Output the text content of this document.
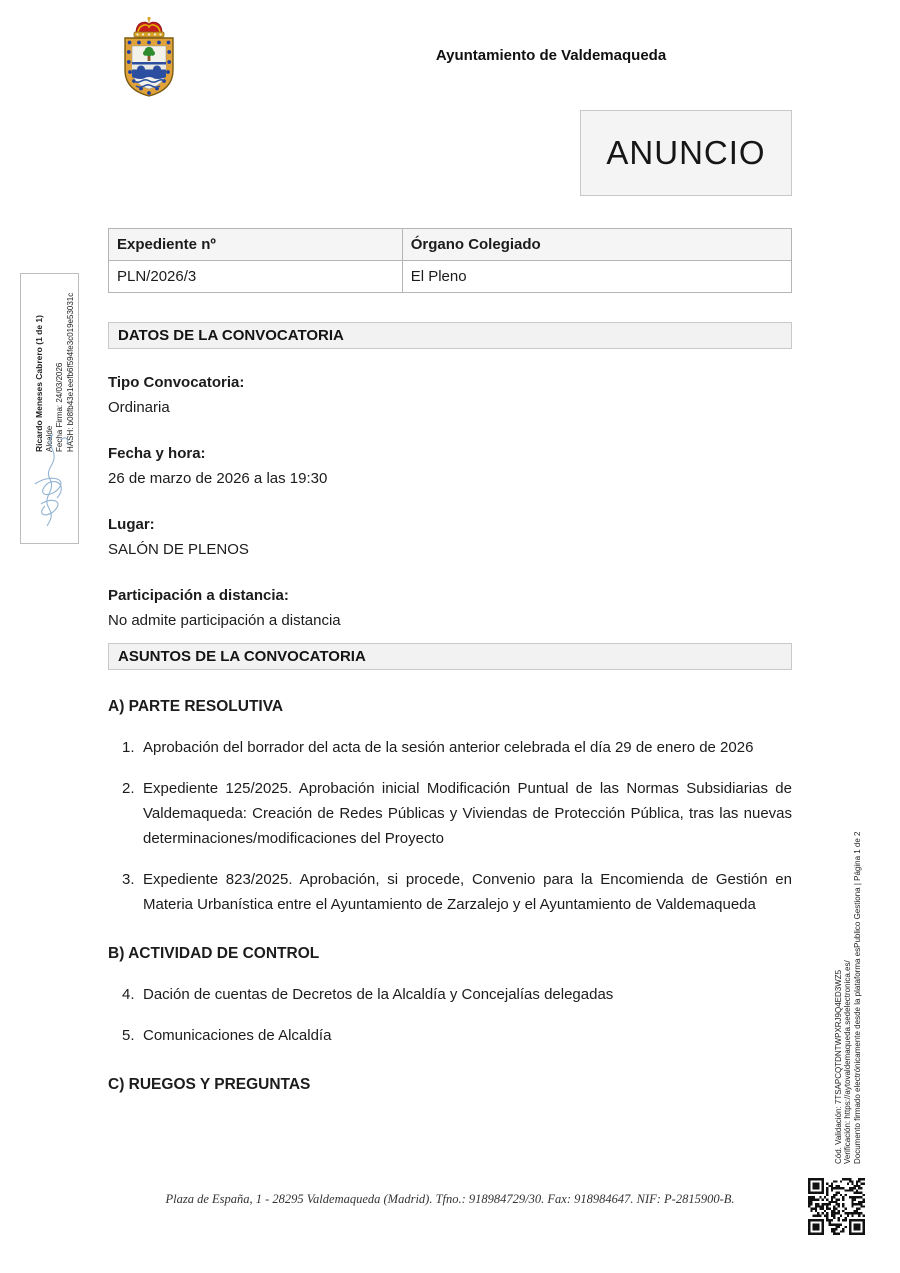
Ayuntamiento de Valdemaqueda
ANUNCIO
Expediente nº	Órgano Colegiado
PLN/2026/3	El Pleno
DATOS DE LA CONVOCATORIA
Tipo Convocatoria:
Ordinaria
Fecha y hora:
26 de marzo de 2026 a las 19:30
Lugar:
SALÓN DE PLENOS
Participación a distancia:
No admite participación a distancia
ASUNTOS DE LA CONVOCATORIA
A) PARTE RESOLUTIVA
1. Aprobación del borrador del acta de la sesión anterior celebrada el día 29 de enero de 2026
2. Expediente 125/2025. Aprobación inicial Modificación Puntual de las Normas Subsidiarias de Valdemaqueda: Creación de Redes Públicas y Viviendas de Protección Pública, tras las nuevas determinaciones/modificaciones del Proyecto
3. Expediente 823/2025. Aprobación, si procede, Convenio para la Encomienda de Gestión en Materia Urbanística entre el Ayuntamiento de Zarzalejo y el Ayuntamiento de Valdemaqueda
B) ACTIVIDAD DE CONTROL
4. Dación de cuentas de Decretos de la Alcaldía y Concejalías delegadas
5. Comunicaciones de Alcaldía
C) RUEGOS Y PREGUNTAS
Ricardo Meneses Cabrero (1 de 1) Alcalde Fecha Firma: 24/03/2026 HASH: b08fb43e1eefb6f594fe3c019e53031c
Cód. Validación: 7TSAPCQTDNTWPXRJ9Q4ED3WZ5 Verificación: https://aytovaldemaqueda.sedelectronica.es/ Documento firmado electrónicamente desde la plataforma esPublico Gestiona | Página 1 de 2
Plaza de España, 1 - 28295 Valdemaqueda (Madrid). Tfno.: 918984729/30. Fax: 918984647. NIF: P-2815900-B.
